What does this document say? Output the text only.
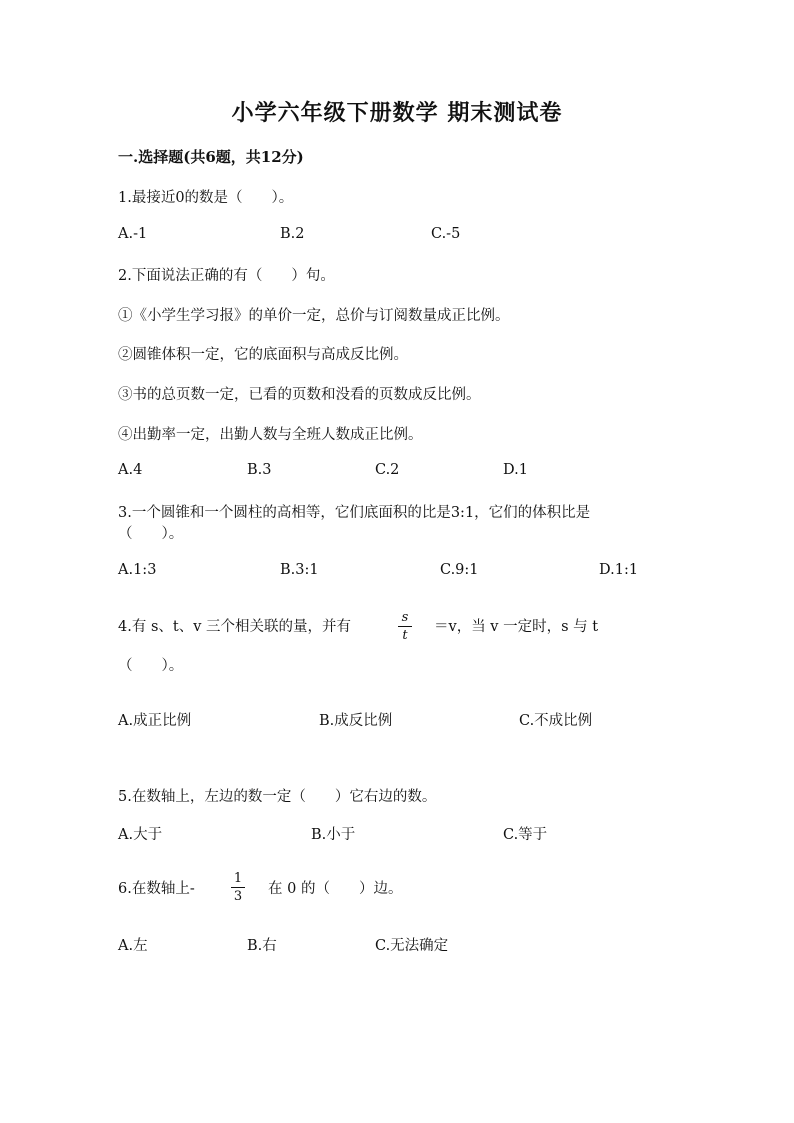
小学六年级下册数学 期末测试卷
一.选择题(共6题，共12分)
1.最接近0的数是（　　）。
A.-1	B.2	C.-5
2.下面说法正确的有（　　）句。
①《小学生学习报》的单价一定，总价与订阅数量成正比例。
②圆锥体积一定，它的底面积与高成反比例。
③书的总页数一定，已看的页数和没看的页数成反比例。
④出勤率一定，出勤人数与全班人数成正比例。
A.4	B.3	C.2	D.1
3.一个圆锥和一个圆柱的高相等，它们底面积的比是3:1，它们的体积比是
（　　）。
A.1:3	B.3:1	C.9:1	D.1:1
4.有 s、t、v 三个相关联的量，并有
s
t
＝v，当 v 一定时，s 与 t
（　　）。
A.成正比例	B.成反比例	C.不成比例
5.在数轴上，左边的数一定（　　）它右边的数。
A.大于	B.小于	C.等于
6.在数轴上-
1
3 在 0 的（　　）边。
A.左	B.右	C.无法确定
